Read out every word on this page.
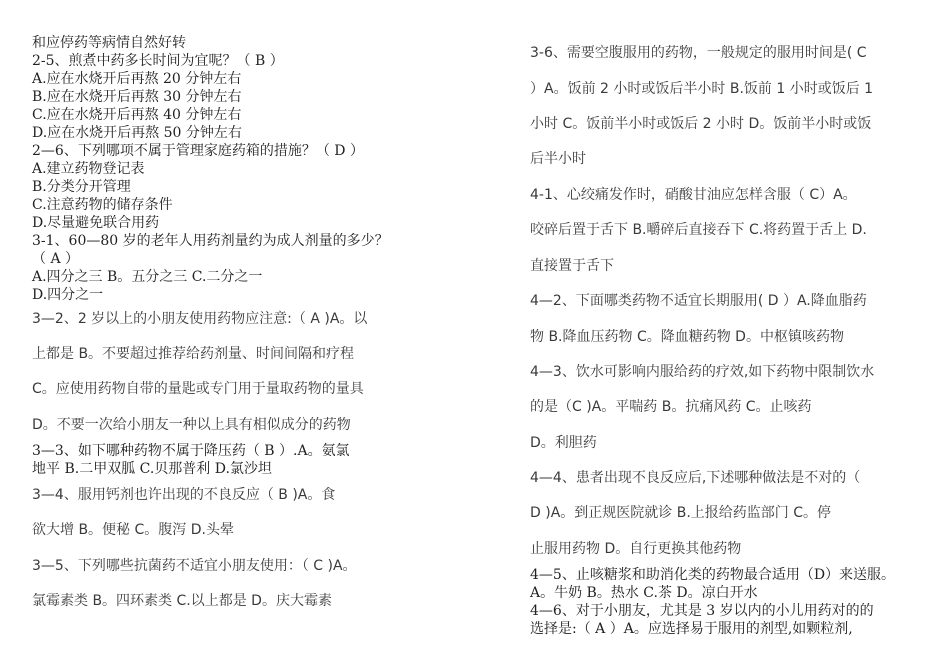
和应停药等病情自然好转

2-5、煎煮中药多长时间为宜呢？（ B ）

A.应在水烧开后再熬 20 分钟左右

B.应在水烧开后再熬 30 分钟左右

C.应在水烧开后再熬 40 分钟左右

D.应在水烧开后再熬 50 分钟左右

2—6、下列哪项不属于管理家庭药箱的措施？（ D ）

A.建立药物登记表

B.分类分开管理

C.注意药物的储存条件

D.尽量避免联合用药

3-1、60—80 岁的老年人用药剂量约为成人剂量的多少？

（ A ）

A.四分之三 B。五分之三 C.二分之一

D.四分之一

3—2、2 岁以上的小朋友使用药物应注意:（ A )A。以

上都是 B。不要超过推荐给药剂量、时间间隔和疗程

C。应使用药物自带的量匙或专门用于量取药物的量具

D。不要一次给小朋友一种以上具有相似成分的药物

3—3、如下哪种药物不属于降压药（ B ）.A。氨氯

地平 B.二甲双胍 C.贝那普利 D.氯沙坦

3—4、服用钙剂也许出现的不良反应（ B )A。食

欲大增 B。便秘 C。腹泻 D.头晕

3—5、下列哪些抗菌药不适宜小朋友使用：（ C )A。

氯霉素类 B。四环素类 C.以上都是 D。庆大霉素

3-6、需要空腹服用的药物，一般规定的服用时间是( C

）A。饭前 2 小时或饭后半小时 B.饭前 1 小时或饭后 1

小时 C。饭前半小时或饭后 2 小时 D。饭前半小时或饭

后半小时

4-1、心绞痛发作时，硝酸甘油应怎样含服（ C）A。

咬碎后置于舌下 B.嚼碎后直接吞下 C.将药置于舌上 D.

直接置于舌下

4—2、下面哪类药物不适宜长期服用( D ）A.降血脂药

物 B.降血压药物 C。降血糖药物 D。中枢镇咳药物

4—3、饮水可影响内服给药的疗效,如下药物中限制饮水

的是（C )A。平喘药 B。抗痛风药 C。止咳药

D。利胆药

4—4、患者出现不良反应后,下述哪种做法是不对的（

D )A。到正规医院就诊 B.上报给药监部门 C。停

止服用药物 D。自行更换其他药物

4—5、止咳糖浆和助消化类的药物最合适用（D）来送服。

A。牛奶 B。热水 C.茶 D。凉白开水

4—6、对于小朋友，尤其是 3 岁以内的小儿用药对的的

选择是:（ A ）A。应选择易于服用的剂型,如颗粒剂,
